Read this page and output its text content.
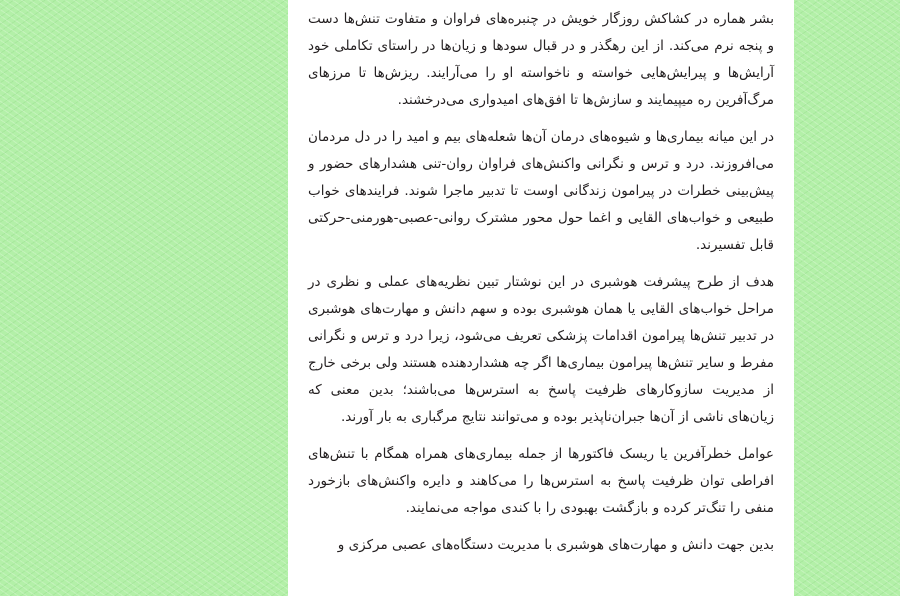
بشر هماره در کشاکش روزگار خویش در چنبره‌های فراوان و متفاوت تنش‌ها دست و پنجه نرم می‌کند. از این رهگذر و در قبال سودها و زیان‌ها در راستای تکاملی خود آرایش‌ها و پیرایش‌هایی خواسته و ناخواسته او را می‌آرایند. ریزش‌ها تا مرزهای مرگ‌آفرین ره میپیمایند و سازش‌ها تا افق‌های امیدواری می‌درخشند.

در این میانه بیماری‌ها و شیوه‌های درمان آن‌ها شعله‌های بیم و امید را در دل مردمان می‌افروزند. درد و ترس و نگرانی واکنش‌های فراوان روان-تنی هشدارهای حضور و پیش‌بینی خطرات در پیرامون زندگانی اوست تا تدبیر ماجرا شوند. فرایندهای خواب طبیعی و خواب‌های القایی و اغما حول محور مشترک روانی-عصبی-هورمنی-حرکتی قابل تفسیرند.

هدف از طرح پیشرفت هوشبری در این نوشتار تبین نظریه‌های عملی و نظری در مراحل خواب‌های القایی یا همان هوشبری بوده و سهم دانش و مهارت‌های هوشبری در تدبیر تنش‌ها پیرامون اقدامات پزشکی تعریف می‌شود، زیرا درد و ترس و نگرانی مفرط و سایر تنش‌ها پیرامون بیماری‌ها اگر چه هشداردهنده هستند ولی برخی خارج از مدیریت سازوکارهای ظرفیت پاسخ به استرس‌ها می‌باشند؛ بدین معنی که زیان‌های ناشی از آن‌ها جبران‌ناپذیر بوده و می‌توانند نتایج مرگباری به بار آورند.

عوامل خطرآفرین یا ریسک فاکتورها از جمله بیماری‌های همراه همگام با تنش‌های افراطی توان ظرفیت پاسخ به استرس‌ها را می‌کاهند و دایره واکنش‌های بازخورد منفی را تنگ‌تر کرده و بازگشت بهبودی را با کندی مواجه می‌نمایند.

بدین جهت دانش و مهارت‌های هوشبری با مدیریت دستگاه‌های عصبی مرکزی و
